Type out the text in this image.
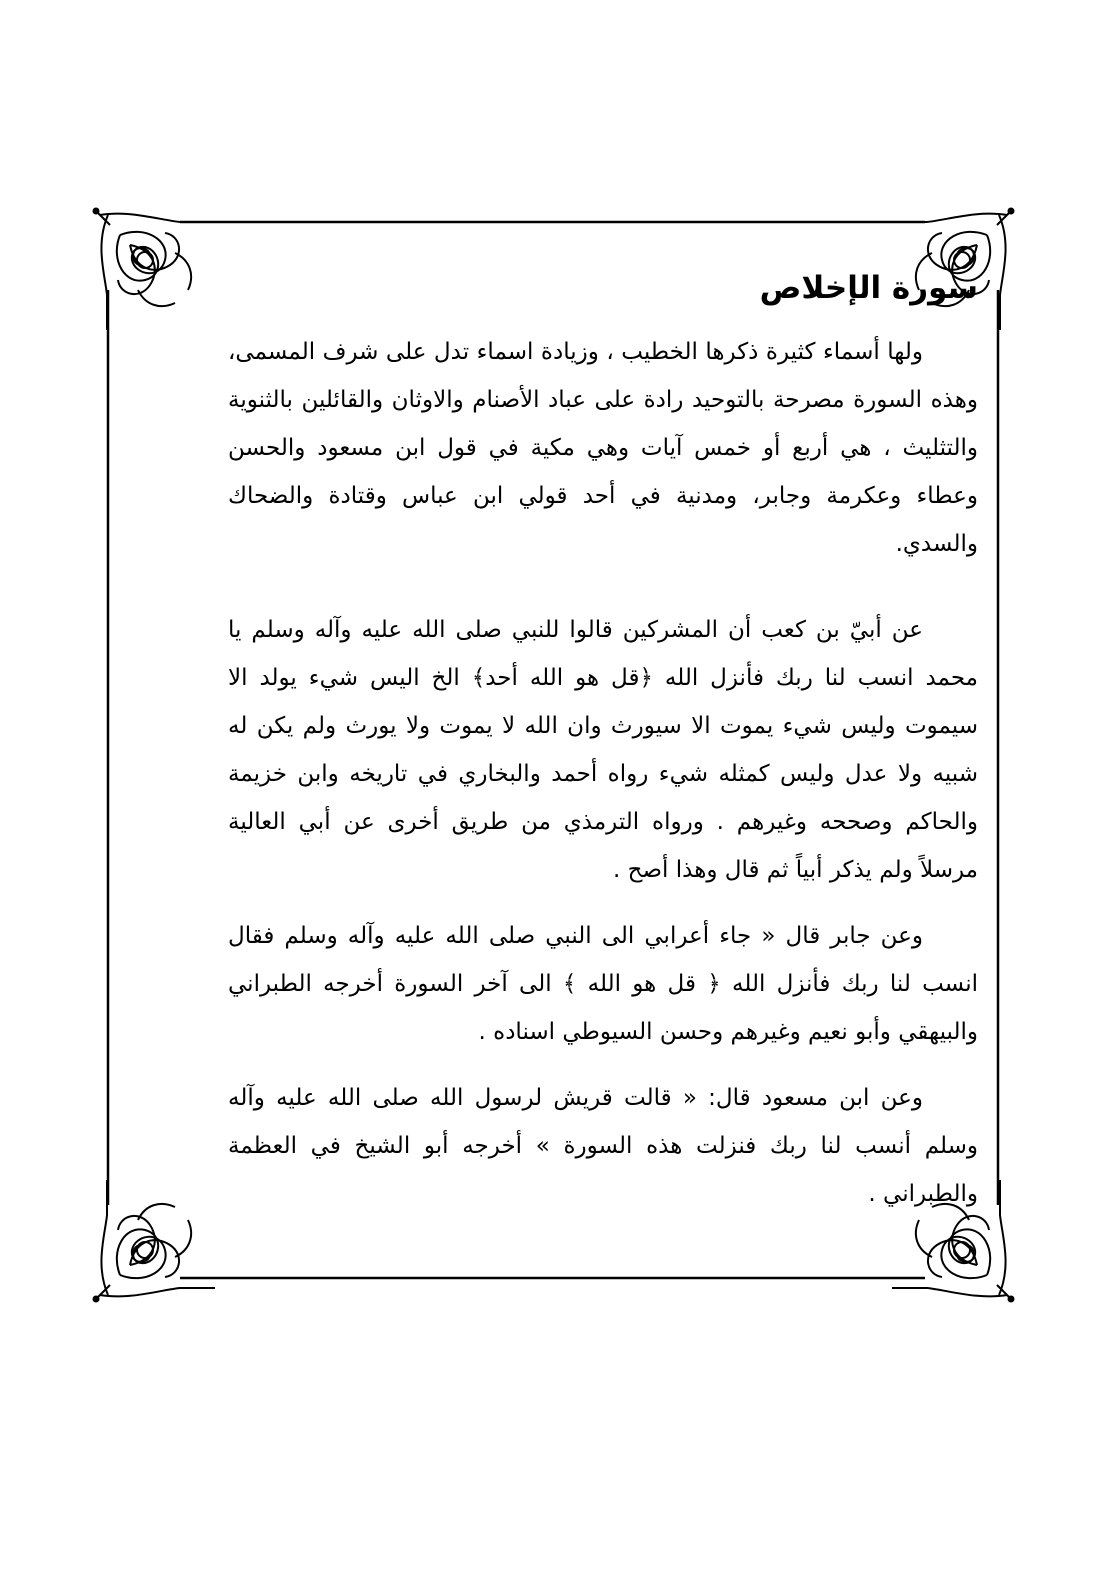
سورة الإخلاص

ولها أسماء كثيرة ذكرها الخطيب ، وزيادة اسماء تدل على شرف المسمى، وهذه السورة مصرحة بالتوحيد رادة على عباد الأصنام والاوثان والقائلين بالثنوية والتثليث ، هي أربع أو خمس آيات وهي مكية في قول ابن مسعود والحسن وعطاء وعكرمة وجابر، ومدنية في أحد قولي ابن عباس وقتادة والضحاك والسدي.

عن أبيّ بن كعب أن المشركين قالوا للنبي صلى الله عليه وآله وسلم يا محمد انسب لنا ربك فأنزل الله ﴿قل هو الله أحد﴾ الخ اليس شيء يولد الا سيموت وليس شيء يموت الا سيورث وان الله لا يموت ولا يورث ولم يكن له شبيه ولا عدل وليس كمثله شيء رواه أحمد والبخاري في تاريخه وابن خزيمة والحاكم وصححه وغيرهم . ورواه الترمذي من طريق أخرى عن أبي العالية مرسلاً ولم يذكر أبياً ثم قال وهذا أصح .

وعن جابر قال « جاء أعرابي الى النبي صلى الله عليه وآله وسلم فقال انسب لنا ربك فأنزل الله ﴿ قل هو الله ﴾ الى آخر السورة أخرجه الطبراني والبيهقي وأبو نعيم وغيرهم وحسن السيوطي اسناده .

وعن ابن مسعود قال: « قالت قريش لرسول الله صلى الله عليه وآله وسلم أنسب لنا ربك فنزلت هذه السورة » أخرجه أبو الشيخ في العظمة والطبراني .
